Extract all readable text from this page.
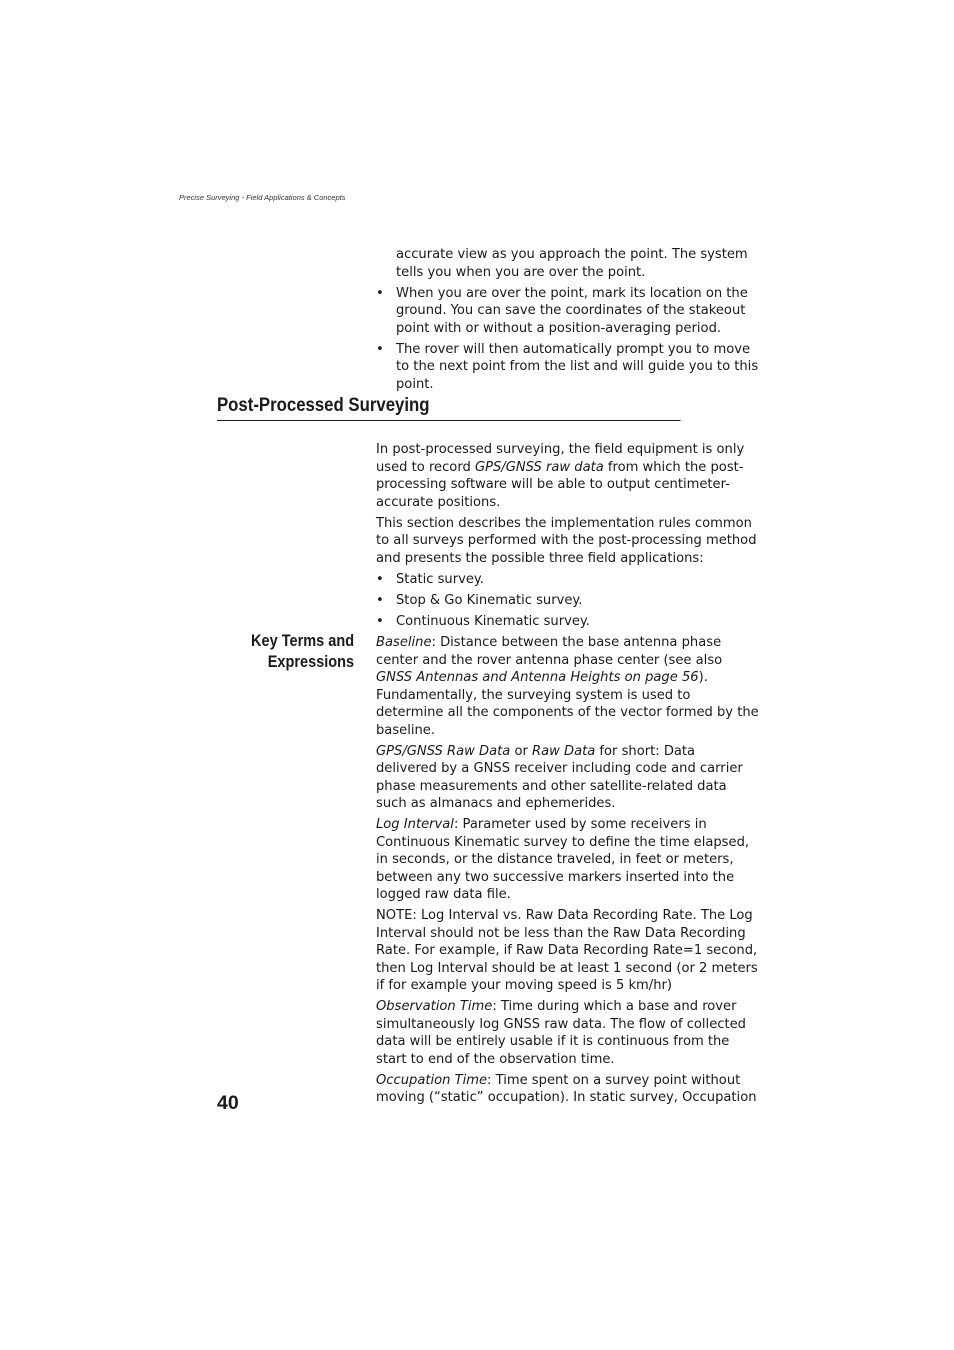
Precise Surveying - Field Applications & Concepts

accurate view as you approach the point. The system tells you when you are over the point.

• When you are over the point, mark its location on the ground. You can save the coordinates of the stakeout point with or without a position-averaging period.
• The rover will then automatically prompt you to move to the next point from the list and will guide you to this point.
Post-Processed Surveying

In post-processed surveying, the field equipment is only used to record GPS/GNSS raw data from which the post-processing software will be able to output centimeter-accurate positions.

This section describes the implementation rules common to all surveys performed with the post-processing method and presents the possible three field applications:

• Static survey.
• Stop & Go Kinematic survey.
• Continuous Kinematic survey.
Key Terms and
Expressions

Baseline: Distance between the base antenna phase center and the rover antenna phase center (see also GNSS Antennas and Antenna Heights on page 56). Fundamentally, the surveying system is used to determine all the components of the vector formed by the baseline.

GPS/GNSS Raw Data or Raw Data for short: Data delivered by a GNSS receiver including code and carrier phase measurements and other satellite-related data such as almanacs and ephemerides.

Log Interval: Parameter used by some receivers in Continuous Kinematic survey to define the time elapsed, in seconds, or the distance traveled, in feet or meters, between any two successive markers inserted into the logged raw data file.

NOTE: Log Interval vs. Raw Data Recording Rate. The Log Interval should not be less than the Raw Data Recording Rate. For example, if Raw Data Recording Rate=1 second, then Log Interval should be at least 1 second (or 2 meters if for example your moving speed is 5 km/hr)

Observation Time: Time during which a base and rover simultaneously log GNSS raw data. The flow of collected data will be entirely usable if it is continuous from the start to end of the observation time.

Occupation Time: Time spent on a survey point without moving (“static” occupation). In static survey, Occupation

40
